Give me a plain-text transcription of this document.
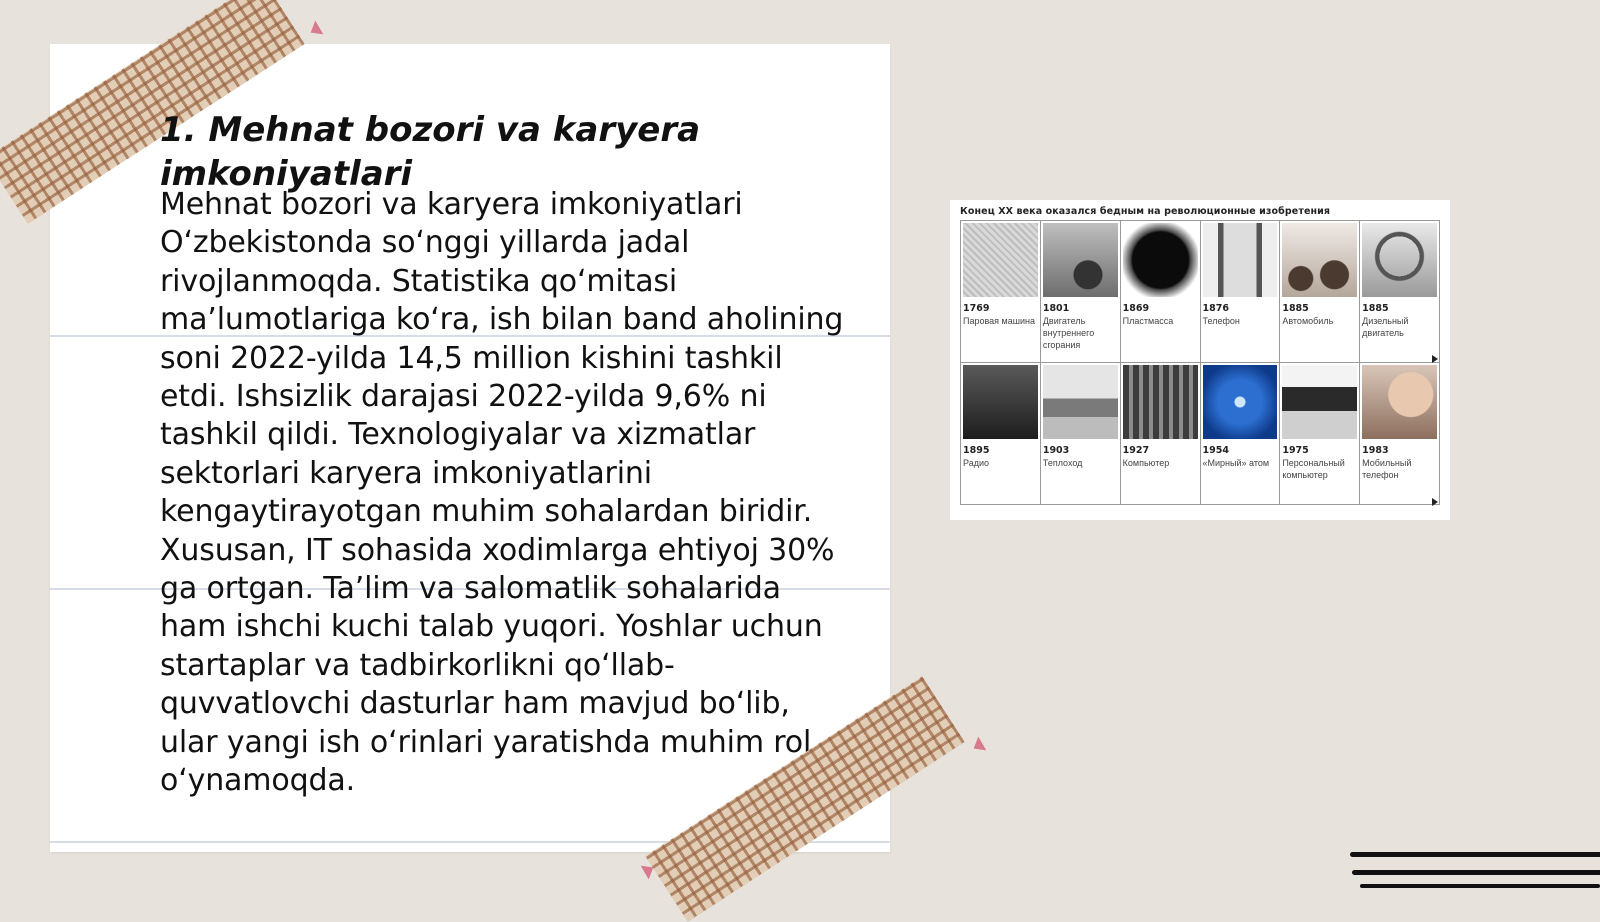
1. Mehnat bozori va karyera imkoniyatlari

Mehnat bozori va karyera imkoniyatlari O‘zbekistonda so‘nggi yillarda jadal rivojlanmoqda. Statistika qo‘mitasi ma’lumotlariga ko‘ra, ish bilan band aholining soni 2022-yilda 14,5 million kishini tashkil etdi. Ishsizlik darajasi 2022-yilda 9,6% ni tashkil qildi. Texnologiyalar va xizmatlar sektorlari karyera imkoniyatlarini kengaytirayotgan muhim sohalardan biridir. Xususan, IT sohasida xodimlarga ehtiyoj 30% ga ortgan. Ta’lim va salomatlik sohalarida ham ishchi kuchi talab yuqori. Yoshlar uchun startaplar va tadbirkorlikni qo‘llab-quvvatlovchi dasturlar ham mavjud bo‘lib, ular yangi ish o‘rinlari yaratishda muhim rol o‘ynamoqda.

Конец XX века оказался бедным на революционные изобретения
1769
Паровая машина
1801
Двигатель внутреннего сгорания
1869
Пластмасса
1876
Телефон
1885
Автомобиль
1885
Дизельный двигатель
1895
Радио
1903
Теплоход
1927
Компьютер
1954
«Мирный» атом
1975
Персональный компьютер
1983
Мобильный телефон
